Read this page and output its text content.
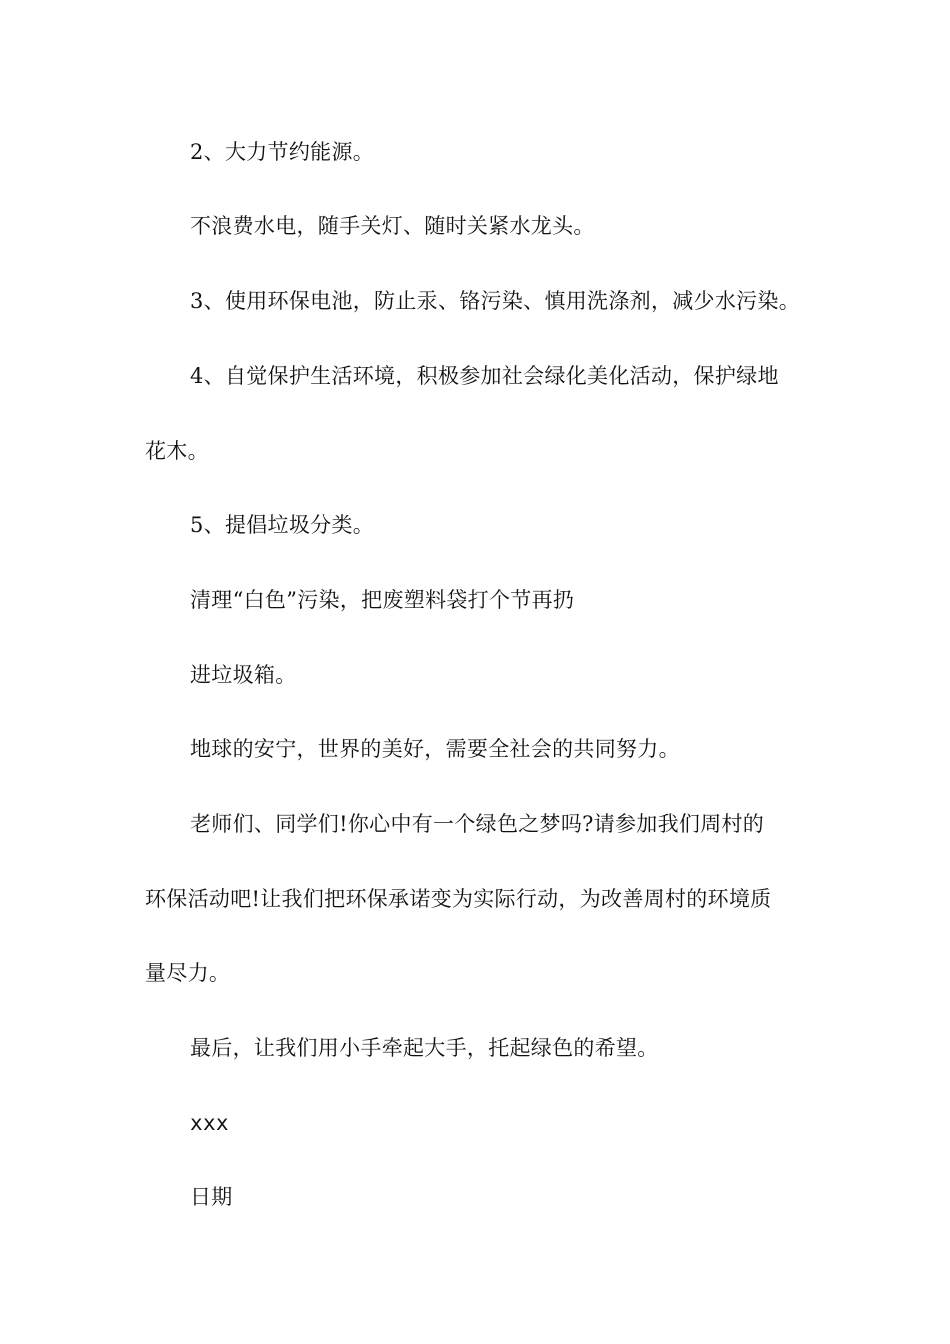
2、大力节约能源。
不浪费水电，随手关灯、随时关紧水龙头。
3、使用环保电池，防止汞、铬污染、慎用洗涤剂，减少水污染。
4、自觉保护生活环境，积极参加社会绿化美化活动，保护绿地
花木。
5、提倡垃圾分类。
清理“白色”污染，把废塑料袋打个节再扔
进垃圾箱。
地球的安宁，世界的美好，需要全社会的共同努力。
老师们、同学们!你心中有一个绿色之梦吗?请参加我们周村的
环保活动吧!让我们把环保承诺变为实际行动，为改善周村的环境质
量尽力。
最后，让我们用小手牵起大手，托起绿色的希望。
xxx
日期
